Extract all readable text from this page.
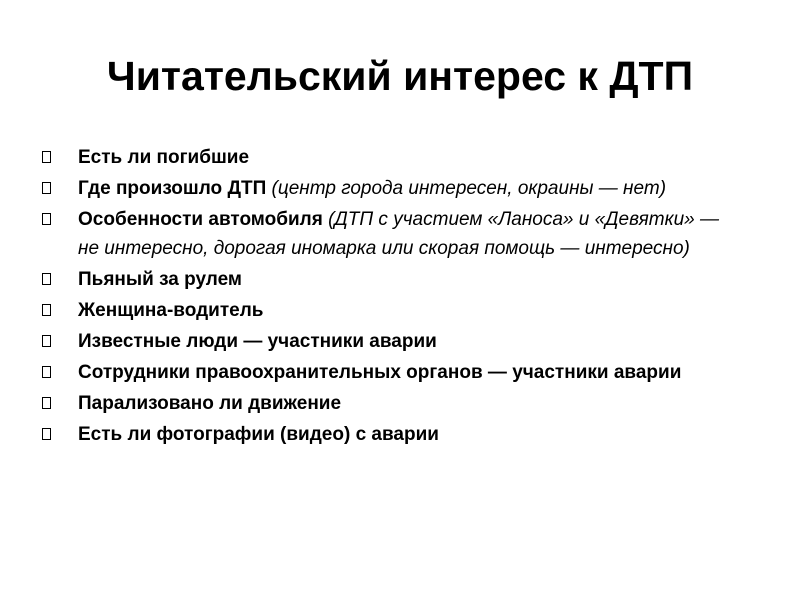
Читательский интерес к ДТП
Есть ли погибшие
Где произошло ДТП (центр города интересен, окраины — нет)
Особенности автомобиля (ДТП с участием «Ланоса» и «Девятки» — не интересно, дорогая иномарка или скорая помощь — интересно)
Пьяный за рулем
Женщина-водитель
Известные люди — участники аварии
Сотрудники правоохранительных органов — участники аварии
Парализовано ли движение
Есть ли фотографии (видео) с аварии
